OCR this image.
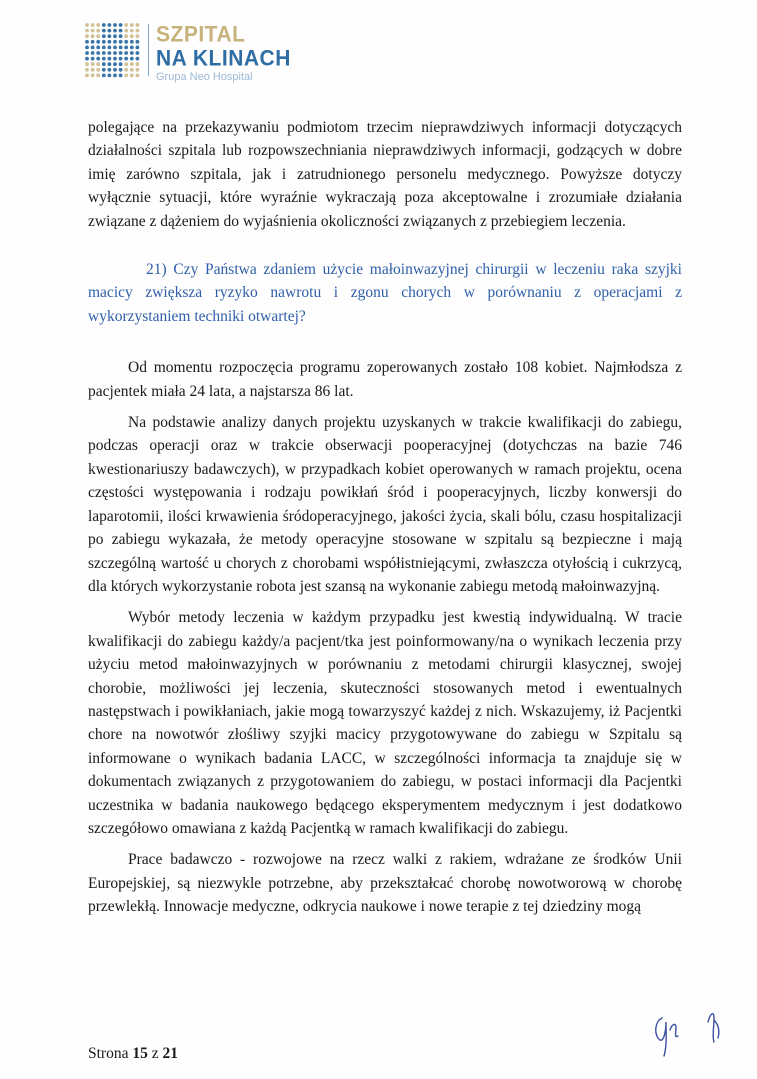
SZPITAL
NA KLINACH
Grupa Neo Hospital

polegające na przekazywaniu podmiotom trzecim nieprawdziwych informacji dotyczących działalności szpitala lub rozpowszechniania nieprawdziwych informacji, godzących w dobre imię zarówno szpitala, jak i zatrudnionego personelu medycznego. Powyższe dotyczy wyłącznie sytuacji, które wyraźnie wykraczają poza akceptowalne i zrozumiałe działania związane z dążeniem do wyjaśnienia okoliczności związanych z przebiegiem leczenia.

21) Czy Państwa zdaniem użycie małoinwazyjnej chirurgii w leczeniu raka szyjki macicy zwiększa ryzyko nawrotu i zgonu chorych w porównaniu z operacjami z wykorzystaniem techniki otwartej?

Od momentu rozpoczęcia programu zoperowanych zostało 108 kobiet. Najmłodsza z pacjentek miała 24 lata, a najstarsza 86 lat.

Na podstawie analizy danych projektu uzyskanych w trakcie kwalifikacji do zabiegu, podczas operacji oraz w trakcie obserwacji pooperacyjnej (dotychczas na bazie 746 kwestionariuszy badawczych), w przypadkach kobiet operowanych w ramach projektu, ocena częstości występowania i rodzaju powikłań śród i pooperacyjnych, liczby konwersji do laparotomii, ilości krwawienia śródoperacyjnego, jakości życia, skali bólu, czasu hospitalizacji po zabiegu wykazała, że metody operacyjne stosowane w szpitalu są bezpieczne i mają szczególną wartość u chorych z chorobami współistniejącymi, zwłaszcza otyłością i cukrzycą, dla których wykorzystanie robota jest szansą na wykonanie zabiegu metodą małoinwazyjną.

Wybór metody leczenia w każdym przypadku jest kwestią indywidualną. W tracie kwalifikacji do zabiegu każdy/a pacjent/tka jest poinformowany/na o wynikach leczenia przy użyciu metod małoinwazyjnych w porównaniu z metodami chirurgii klasycznej, swojej chorobie, możliwości jej leczenia, skuteczności stosowanych metod i ewentualnych następstwach i powikłaniach, jakie mogą towarzyszyć każdej z nich. Wskazujemy, iż Pacjentki chore na nowotwór złośliwy szyjki macicy przygotowywane do zabiegu w Szpitalu są informowane o wynikach badania LACC, w szczególności informacja ta znajduje się w dokumentach związanych z przygotowaniem do zabiegu, w postaci informacji dla Pacjentki uczestnika w badania naukowego będącego eksperymentem medycznym i jest dodatkowo szczegółowo omawiana z każdą Pacjentką w ramach kwalifikacji do zabiegu.

Prace badawczo - rozwojowe na rzecz walki z rakiem, wdrażane ze środków Unii Europejskiej, są niezwykle potrzebne, aby przekształcać chorobę nowotworową w chorobę przewlekłą. Innowacje medyczne, odkrycia naukowe i nowe terapie z tej dziedziny mogą

Strona 15 z 21
